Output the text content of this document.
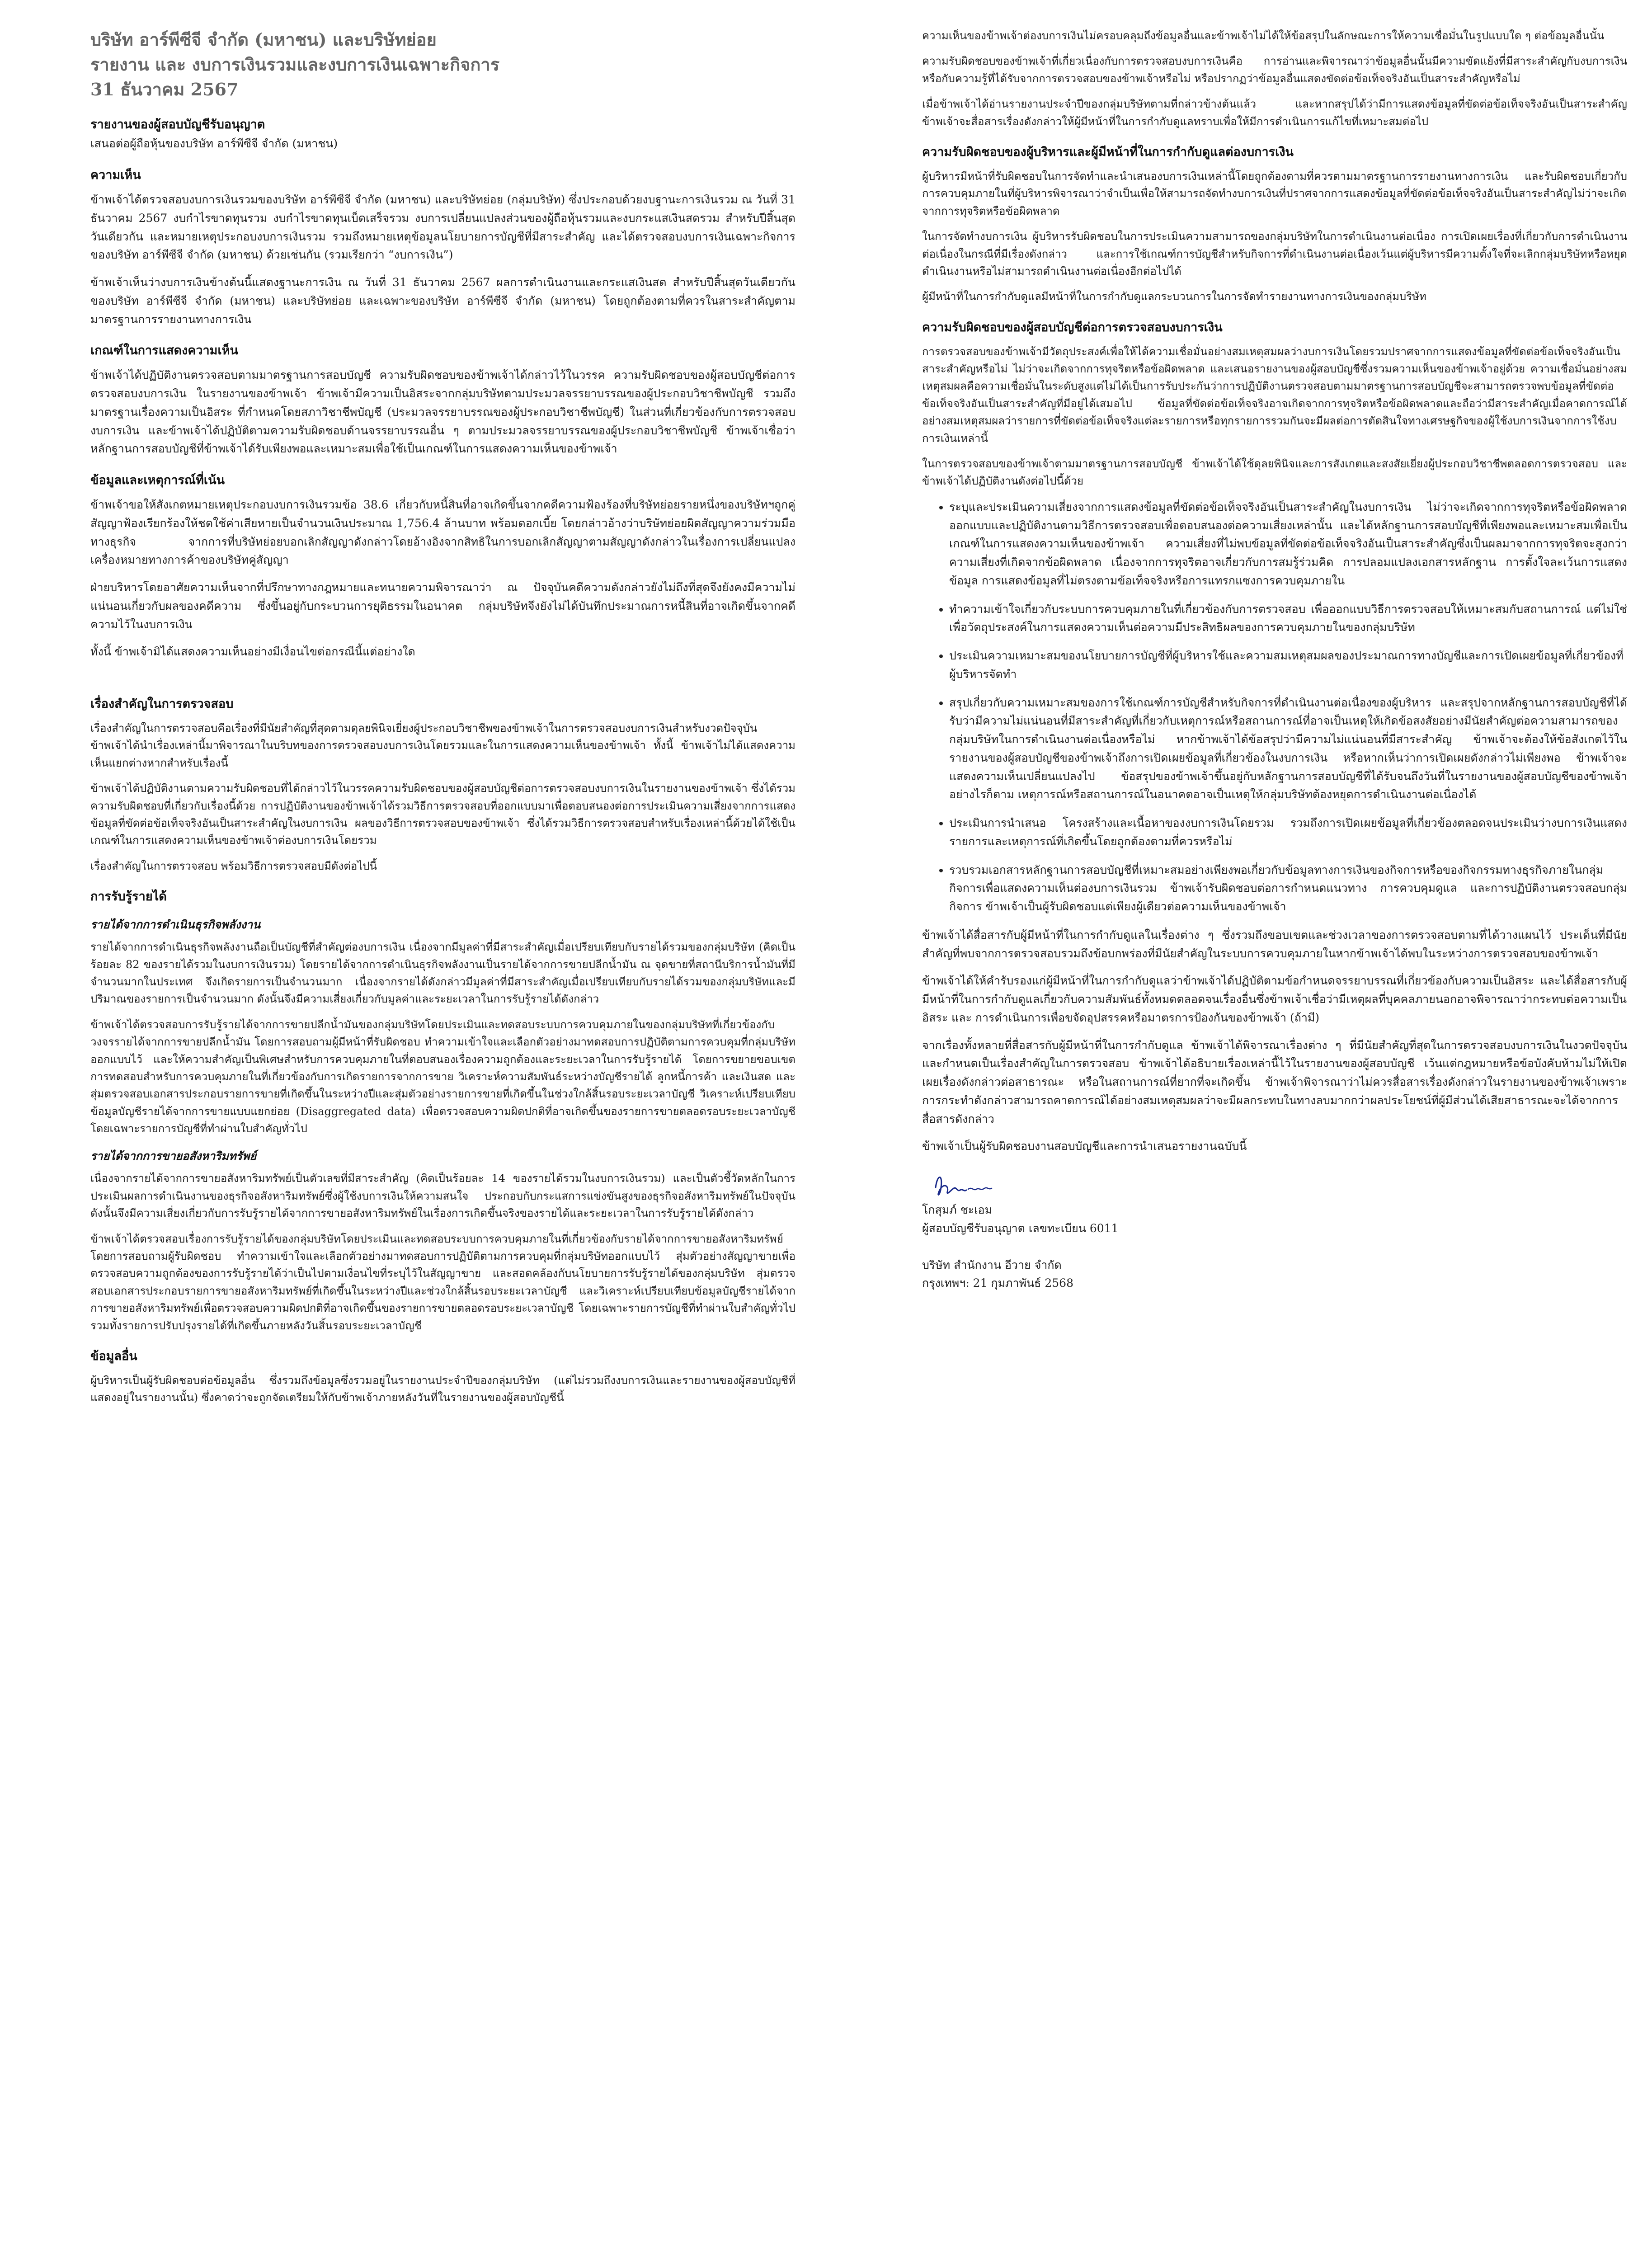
บริษัท อาร์พีซีจี จำกัด (มหาชน) และบริษัทย่อย

รายงาน และ งบการเงินรวมและงบการเงินเฉพาะกิจการ

31 ธันวาคม 2567

รายงานของผู้สอบบัญชีรับอนุญาต

เสนอต่อผู้ถือหุ้นของบริษัท อาร์พีซีจี จำกัด (มหาชน)

ความเห็น

ข้าพเจ้าได้ตรวจสอบงบการเงินรวมของบริษัท อาร์พีซีจี จำกัด (มหาชน) และบริษัทย่อย (กลุ่มบริษัท) ซึ่งประกอบด้วยงบฐานะการเงินรวม ณ วันที่ 31 ธันวาคม 2567 งบกำไรขาดทุนรวม งบกำไรขาดทุนเบ็ดเสร็จรวม งบการเปลี่ยนแปลงส่วนของผู้ถือหุ้นรวมและงบกระแสเงินสดรวม สำหรับปีสิ้นสุดวันเดียวกัน และหมายเหตุประกอบงบการเงินรวม รวมถึงหมายเหตุข้อมูลนโยบายการบัญชีที่มีสาระสำคัญ และได้ตรวจสอบงบการเงินเฉพาะกิจการของบริษัท อาร์พีซีจี จำกัด (มหาชน) ด้วยเช่นกัน (รวมเรียกว่า “งบการเงิน”)

ข้าพเจ้าเห็นว่างบการเงินข้างต้นนี้แสดงฐานะการเงิน ณ วันที่ 31 ธันวาคม 2567 ผลการดำเนินงานและกระแสเงินสด สำหรับปีสิ้นสุดวันเดียวกันของบริษัท อาร์พีซีจี จำกัด (มหาชน) และบริษัทย่อย และเฉพาะของบริษัท อาร์พีซีจี จำกัด (มหาชน) โดยถูกต้องตามที่ควรในสาระสำคัญตามมาตรฐานการรายงานทางการเงิน

เกณฑ์ในการแสดงความเห็น

ข้าพเจ้าได้ปฏิบัติงานตรวจสอบตามมาตรฐานการสอบบัญชี ความรับผิดชอบของข้าพเจ้าได้กล่าวไว้ในวรรค ความรับผิดชอบของผู้สอบบัญชีต่อการตรวจสอบงบการเงิน ในรายงานของข้าพเจ้า ข้าพเจ้ามีความเป็นอิสระจากกลุ่มบริษัทตามประมวลจรรยาบรรณของผู้ประกอบวิชาชีพบัญชี รวมถึงมาตรฐานเรื่องความเป็นอิสระ ที่กำหนดโดยสภาวิชาชีพบัญชี (ประมวลจรรยาบรรณของผู้ประกอบวิชาชีพบัญชี) ในส่วนที่เกี่ยวข้องกับการตรวจสอบงบการเงิน และข้าพเจ้าได้ปฏิบัติตามความรับผิดชอบด้านจรรยาบรรณอื่น ๆ ตามประมวลจรรยาบรรณของผู้ประกอบวิชาชีพบัญชี ข้าพเจ้าเชื่อว่าหลักฐานการสอบบัญชีที่ข้าพเจ้าได้รับเพียงพอและเหมาะสมเพื่อใช้เป็นเกณฑ์ในการแสดงความเห็นของข้าพเจ้า

ข้อมูลและเหตุการณ์ที่เน้น

ข้าพเจ้าขอให้สังเกตหมายเหตุประกอบงบการเงินรวมข้อ 38.6 เกี่ยวกับหนี้สินที่อาจเกิดขึ้นจากคดีความฟ้องร้องที่บริษัทย่อยรายหนึ่งของบริษัทฯถูกคู่สัญญาฟ้องเรียกร้องให้ชดใช้ค่าเสียหายเป็นจำนวนเงินประมาณ 1,756.4 ล้านบาท พร้อมดอกเบี้ย โดยกล่าวอ้างว่าบริษัทย่อยผิดสัญญาความร่วมมือทางธุรกิจ จากการที่บริษัทย่อยบอกเลิกสัญญาดังกล่าวโดยอ้างอิงจากสิทธิในการบอกเลิกสัญญาตามสัญญาดังกล่าวในเรื่องการเปลี่ยนแปลงเครื่องหมายทางการค้าของบริษัทคู่สัญญา

ฝ่ายบริหารโดยอาศัยความเห็นจากที่ปรึกษาทางกฎหมายและทนายความพิจารณาว่า ณ ปัจจุบันคดีความดังกล่าวยังไม่ถึงที่สุดจึงยังคงมีความไม่แน่นอนเกี่ยวกับผลของคดีความ ซึ่งขึ้นอยู่กับกระบวนการยุติธรรมในอนาคต กลุ่มบริษัทจึงยังไม่ได้บันทึกประมาณการหนี้สินที่อาจเกิดขึ้นจากคดีความไว้ในงบการเงิน

ทั้งนี้ ข้าพเจ้ามิได้แสดงความเห็นอย่างมีเงื่อนไขต่อกรณีนี้แต่อย่างใด

เรื่องสำคัญในการตรวจสอบ

เรื่องสำคัญในการตรวจสอบคือเรื่องที่มีนัยสำคัญที่สุดตามดุลยพินิจเยี่ยงผู้ประกอบวิชาชีพของข้าพเจ้าในการตรวจสอบงบการเงินสำหรับงวดปัจจุบัน ข้าพเจ้าได้นำเรื่องเหล่านี้มาพิจารณาในบริบทของการตรวจสอบงบการเงินโดยรวมและในการแสดงความเห็นของข้าพเจ้า ทั้งนี้ ข้าพเจ้าไม่ได้แสดงความเห็นแยกต่างหากสำหรับเรื่องนี้

ข้าพเจ้าได้ปฏิบัติงานตามความรับผิดชอบที่ได้กล่าวไว้ในวรรคความรับผิดชอบของผู้สอบบัญชีต่อการตรวจสอบงบการเงินในรายงานของข้าพเจ้า ซึ่งได้รวมความรับผิดชอบที่เกี่ยวกับเรื่องนี้ด้วย การปฏิบัติงานของข้าพเจ้าได้รวมวิธีการตรวจสอบที่ออกแบบมาเพื่อตอบสนองต่อการประเมินความเสี่ยงจากการแสดงข้อมูลที่ขัดต่อข้อเท็จจริงอันเป็นสาระสำคัญในงบการเงิน ผลของวิธีการตรวจสอบของข้าพเจ้า ซึ่งได้รวมวิธีการตรวจสอบสำหรับเรื่องเหล่านี้ด้วยได้ใช้เป็นเกณฑ์ในการแสดงความเห็นของข้าพเจ้าต่องบการเงินโดยรวม

เรื่องสำคัญในการตรวจสอบ พร้อมวิธีการตรวจสอบมีดังต่อไปนี้

การรับรู้รายได้
รายได้จากการดำเนินธุรกิจพลังงาน

รายได้จากการดำเนินธุรกิจพลังงานถือเป็นบัญชีที่สำคัญต่องบการเงิน เนื่องจากมีมูลค่าที่มีสาระสำคัญเมื่อเปรียบเทียบกับรายได้รวมของกลุ่มบริษัท (คิดเป็นร้อยละ 82 ของรายได้รวมในงบการเงินรวม) โดยรายได้จากการดำเนินธุรกิจพลังงานเป็นรายได้จากการขายปลีกน้ำมัน ณ จุดขายที่สถานีบริการน้ำมันที่มีจำนวนมากในประเทศ จึงเกิดรายการเป็นจำนวนมาก เนื่องจากรายได้ดังกล่าวมีมูลค่าที่มีสาระสำคัญเมื่อเปรียบเทียบกับรายได้รวมของกลุ่มบริษัทและมีปริมาณของรายการเป็นจำนวนมาก ดังนั้นจึงมีความเสี่ยงเกี่ยวกับมูลค่าและระยะเวลาในการรับรู้รายได้ดังกล่าว

ข้าพเจ้าได้ตรวจสอบการรับรู้รายได้จากการขายปลีกน้ำมันของกลุ่มบริษัทโดยประเมินและทดสอบระบบการควบคุมภายในของกลุ่มบริษัทที่เกี่ยวข้องกับวงจรรายได้จากการขายปลีกน้ำมัน โดยการสอบถามผู้มีหน้าที่รับผิดชอบ ทำความเข้าใจและเลือกตัวอย่างมาทดสอบการปฏิบัติตามการควบคุมที่กลุ่มบริษัทออกแบบไว้ และให้ความสำคัญเป็นพิเศษสำหรับการควบคุมภายในที่ตอบสนองเรื่องความถูกต้องและระยะเวลาในการรับรู้รายได้ โดยการขยายขอบเขตการทดสอบสำหรับการควบคุมภายในที่เกี่ยวข้องกับการเกิดรายการจากการขาย วิเคราะห์ความสัมพันธ์ระหว่างบัญชีรายได้ ลูกหนี้การค้า และเงินสด และสุ่มตรวจสอบเอกสารประกอบรายการขายที่เกิดขึ้นในระหว่างปีและสุ่มตัวอย่างรายการขายที่เกิดขึ้นในช่วงใกล้สิ้นรอบระยะเวลาบัญชี วิเคราะห์เปรียบเทียบข้อมูลบัญชีรายได้จากการขายแบบแยกย่อย (Disaggregated data) เพื่อตรวจสอบความผิดปกติที่อาจเกิดขึ้นของรายการขายตลอดรอบระยะเวลาบัญชี โดยเฉพาะรายการบัญชีที่ทำผ่านใบสำคัญทั่วไป

รายได้จากการขายอสังหาริมทรัพย์

เนื่องจากรายได้จากการขายอสังหาริมทรัพย์เป็นตัวเลขที่มีสาระสำคัญ (คิดเป็นร้อยละ 14 ของรายได้รวมในงบการเงินรวม) และเป็นตัวชี้วัดหลักในการประเมินผลการดำเนินงานของธุรกิจอสังหาริมทรัพย์ซึ่งผู้ใช้งบการเงินให้ความสนใจ ประกอบกับกระแสการแข่งขันสูงของธุรกิจอสังหาริมทรัพย์ในปัจจุบัน ดังนั้นจึงมีความเสี่ยงเกี่ยวกับการรับรู้รายได้จากการขายอสังหาริมทรัพย์ในเรื่องการเกิดขึ้นจริงของรายได้และระยะเวลาในการรับรู้รายได้ดังกล่าว

ข้าพเจ้าได้ตรวจสอบเรื่องการรับรู้รายได้ของกลุ่มบริษัทโดยประเมินและทดสอบระบบการควบคุมภายในที่เกี่ยวข้องกับรายได้จากการขายอสังหาริมทรัพย์ โดยการสอบถามผู้รับผิดชอบ ทำความเข้าใจและเลือกตัวอย่างมาทดสอบการปฏิบัติตามการควบคุมที่กลุ่มบริษัทออกแบบไว้ สุ่มตัวอย่างสัญญาขายเพื่อตรวจสอบความถูกต้องของการรับรู้รายได้ว่าเป็นไปตามเงื่อนไขที่ระบุไว้ในสัญญาขาย และสอดคล้องกับนโยบายการรับรู้รายได้ของกลุ่มบริษัท สุ่มตรวจสอบเอกสารประกอบรายการขายอสังหาริมทรัพย์ที่เกิดขึ้นในระหว่างปีและช่วงใกล้สิ้นรอบระยะเวลาบัญชี และวิเคราะห์เปรียบเทียบข้อมูลบัญชีรายได้จากการขายอสังหาริมทรัพย์เพื่อตรวจสอบความผิดปกติที่อาจเกิดขึ้นของรายการขายตลอดรอบระยะเวลาบัญชี โดยเฉพาะรายการบัญชีที่ทำผ่านใบสำคัญทั่วไป รวมทั้งรายการปรับปรุงรายได้ที่เกิดขึ้นภายหลังวันสิ้นรอบระยะเวลาบัญชี

ข้อมูลอื่น

ผู้บริหารเป็นผู้รับผิดชอบต่อข้อมูลอื่น ซึ่งรวมถึงข้อมูลซึ่งรวมอยู่ในรายงานประจำปีของกลุ่มบริษัท (แต่ไม่รวมถึงงบการเงินและรายงานของผู้สอบบัญชีที่แสดงอยู่ในรายงานนั้น) ซึ่งคาดว่าจะถูกจัดเตรียมให้กับข้าพเจ้าภายหลังวันที่ในรายงานของผู้สอบบัญชีนี้

ความเห็นของข้าพเจ้าต่องบการเงินไม่ครอบคลุมถึงข้อมูลอื่นและข้าพเจ้าไม่ได้ให้ข้อสรุปในลักษณะการให้ความเชื่อมั่นในรูปแบบใด ๆ ต่อข้อมูลอื่นนั้น

ความรับผิดชอบของข้าพเจ้าที่เกี่ยวเนื่องกับการตรวจสอบงบการเงินคือ การอ่านและพิจารณาว่าข้อมูลอื่นนั้นมีความขัดแย้งที่มีสาระสำคัญกับงบการเงินหรือกับความรู้ที่ได้รับจากการตรวจสอบของข้าพเจ้าหรือไม่ หรือปรากฏว่าข้อมูลอื่นแสดงขัดต่อข้อเท็จจริงอันเป็นสาระสำคัญหรือไม่

เมื่อข้าพเจ้าได้อ่านรายงานประจำปีของกลุ่มบริษัทตามที่กล่าวข้างต้นแล้ว และหากสรุปได้ว่ามีการแสดงข้อมูลที่ขัดต่อข้อเท็จจริงอันเป็นสาระสำคัญ ข้าพเจ้าจะสื่อสารเรื่องดังกล่าวให้ผู้มีหน้าที่ในการกำกับดูแลทราบเพื่อให้มีการดำเนินการแก้ไขที่เหมาะสมต่อไป

ความรับผิดชอบของผู้บริหารและผู้มีหน้าที่ในการกำกับดูแลต่องบการเงิน

ผู้บริหารมีหน้าที่รับผิดชอบในการจัดทำและนำเสนองบการเงินเหล่านี้โดยถูกต้องตามที่ควรตามมาตรฐานการรายงานทางการเงิน และรับผิดชอบเกี่ยวกับการควบคุมภายในที่ผู้บริหารพิจารณาว่าจำเป็นเพื่อให้สามารถจัดทำงบการเงินที่ปราศจากการแสดงข้อมูลที่ขัดต่อข้อเท็จจริงอันเป็นสาระสำคัญไม่ว่าจะเกิดจากการทุจริตหรือข้อผิดพลาด

ในการจัดทำงบการเงิน ผู้บริหารรับผิดชอบในการประเมินความสามารถของกลุ่มบริษัทในการดำเนินงานต่อเนื่อง การเปิดเผยเรื่องที่เกี่ยวกับการดำเนินงานต่อเนื่องในกรณีที่มีเรื่องดังกล่าว และการใช้เกณฑ์การบัญชีสำหรับกิจการที่ดำเนินงานต่อเนื่องเว้นแต่ผู้บริหารมีความตั้งใจที่จะเลิกกลุ่มบริษัทหรือหยุดดำเนินงานหรือไม่สามารถดำเนินงานต่อเนื่องอีกต่อไปได้

ผู้มีหน้าที่ในการกำกับดูแลมีหน้าที่ในการกำกับดูแลกระบวนการในการจัดทำรายงานทางการเงินของกลุ่มบริษัท

ความรับผิดชอบของผู้สอบบัญชีต่อการตรวจสอบงบการเงิน

การตรวจสอบของข้าพเจ้ามีวัตถุประสงค์เพื่อให้ได้ความเชื่อมั่นอย่างสมเหตุสมผลว่างบการเงินโดยรวมปราศจากการแสดงข้อมูลที่ขัดต่อข้อเท็จจริงอันเป็นสาระสำคัญหรือไม่ ไม่ว่าจะเกิดจากการทุจริตหรือข้อผิดพลาด และเสนอรายงานของผู้สอบบัญชีซึ่งรวมความเห็นของข้าพเจ้าอยู่ด้วย ความเชื่อมั่นอย่างสมเหตุสมผลคือความเชื่อมั่นในระดับสูงแต่ไม่ได้เป็นการรับประกันว่าการปฏิบัติงานตรวจสอบตามมาตรฐานการสอบบัญชีจะสามารถตรวจพบข้อมูลที่ขัดต่อข้อเท็จจริงอันเป็นสาระสำคัญที่มีอยู่ได้เสมอไป ข้อมูลที่ขัดต่อข้อเท็จจริงอาจเกิดจากการทุจริตหรือข้อผิดพลาดและถือว่ามีสาระสำคัญเมื่อคาดการณ์ได้อย่างสมเหตุสมผลว่ารายการที่ขัดต่อข้อเท็จจริงแต่ละรายการหรือทุกรายการรวมกันจะมีผลต่อการตัดสินใจทางเศรษฐกิจของผู้ใช้งบการเงินจากการใช้งบการเงินเหล่านี้

ในการตรวจสอบของข้าพเจ้าตามมาตรฐานการสอบบัญชี ข้าพเจ้าได้ใช้ดุลยพินิจและการสังเกตและสงสัยเยี่ยงผู้ประกอบวิชาชีพตลอดการตรวจสอบ และข้าพเจ้าได้ปฏิบัติงานดังต่อไปนี้ด้วย

• ระบุและประเมินความเสี่ยงจากการแสดงข้อมูลที่ขัดต่อข้อเท็จจริงอันเป็นสาระสำคัญในงบการเงิน ไม่ว่าจะเกิดจากการทุจริตหรือข้อผิดพลาด ออกแบบและปฏิบัติงานตามวิธีการตรวจสอบเพื่อตอบสนองต่อความเสี่ยงเหล่านั้น และได้หลักฐานการสอบบัญชีที่เพียงพอและเหมาะสมเพื่อเป็นเกณฑ์ในการแสดงความเห็นของข้าพเจ้า ความเสี่ยงที่ไม่พบข้อมูลที่ขัดต่อข้อเท็จจริงอันเป็นสาระสำคัญซึ่งเป็นผลมาจากการทุจริตจะสูงกว่าความเสี่ยงที่เกิดจากข้อผิดพลาด เนื่องจากการทุจริตอาจเกี่ยวกับการสมรู้ร่วมคิด การปลอมแปลงเอกสารหลักฐาน การตั้งใจละเว้นการแสดงข้อมูล การแสดงข้อมูลที่ไม่ตรงตามข้อเท็จจริงหรือการแทรกแซงการควบคุมภายใน
• ทำความเข้าใจเกี่ยวกับระบบการควบคุมภายในที่เกี่ยวข้องกับการตรวจสอบ เพื่อออกแบบวิธีการตรวจสอบให้เหมาะสมกับสถานการณ์ แต่ไม่ใช่เพื่อวัตถุประสงค์ในการแสดงความเห็นต่อความมีประสิทธิผลของการควบคุมภายในของกลุ่มบริษัท
• ประเมินความเหมาะสมของนโยบายการบัญชีที่ผู้บริหารใช้และความสมเหตุสมผลของประมาณการทางบัญชีและการเปิดเผยข้อมูลที่เกี่ยวข้องที่ผู้บริหารจัดทำ
• สรุปเกี่ยวกับความเหมาะสมของการใช้เกณฑ์การบัญชีสำหรับกิจการที่ดำเนินงานต่อเนื่องของผู้บริหาร และสรุปจากหลักฐานการสอบบัญชีที่ได้รับว่ามีความไม่แน่นอนที่มีสาระสำคัญที่เกี่ยวกับเหตุการณ์หรือสถานการณ์ที่อาจเป็นเหตุให้เกิดข้อสงสัยอย่างมีนัยสำคัญต่อความสามารถของกลุ่มบริษัทในการดำเนินงานต่อเนื่องหรือไม่ หากข้าพเจ้าได้ข้อสรุปว่ามีความไม่แน่นอนที่มีสาระสำคัญ ข้าพเจ้าจะต้องให้ข้อสังเกตไว้ในรายงานของผู้สอบบัญชีของข้าพเจ้าถึงการเปิดเผยข้อมูลที่เกี่ยวข้องในงบการเงิน หรือหากเห็นว่าการเปิดเผยดังกล่าวไม่เพียงพอ ข้าพเจ้าจะแสดงความเห็นเปลี่ยนแปลงไป ข้อสรุปของข้าพเจ้าขึ้นอยู่กับหลักฐานการสอบบัญชีที่ได้รับจนถึงวันที่ในรายงานของผู้สอบบัญชีของข้าพเจ้า อย่างไรก็ตาม เหตุการณ์หรือสถานการณ์ในอนาคตอาจเป็นเหตุให้กลุ่มบริษัทต้องหยุดการดำเนินงานต่อเนื่องได้
• ประเมินการนำเสนอ โครงสร้างและเนื้อหาของงบการเงินโดยรวม รวมถึงการเปิดเผยข้อมูลที่เกี่ยวข้องตลอดจนประเมินว่างบการเงินแสดงรายการและเหตุการณ์ที่เกิดขึ้นโดยถูกต้องตามที่ควรหรือไม่
• รวบรวมเอกสารหลักฐานการสอบบัญชีที่เหมาะสมอย่างเพียงพอเกี่ยวกับข้อมูลทางการเงินของกิจการหรือของกิจกรรมทางธุรกิจภายในกลุ่มกิจการเพื่อแสดงความเห็นต่องบการเงินรวม ข้าพเจ้ารับผิดชอบต่อการกำหนดแนวทาง การควบคุมดูแล และการปฏิบัติงานตรวจสอบกลุ่มกิจการ ข้าพเจ้าเป็นผู้รับผิดชอบแต่เพียงผู้เดียวต่อความเห็นของข้าพเจ้า

ข้าพเจ้าได้สื่อสารกับผู้มีหน้าที่ในการกำกับดูแลในเรื่องต่าง ๆ ซึ่งรวมถึงขอบเขตและช่วงเวลาของการตรวจสอบตามที่ได้วางแผนไว้ ประเด็นที่มีนัยสำคัญที่พบจากการตรวจสอบรวมถึงข้อบกพร่องที่มีนัยสำคัญในระบบการควบคุมภายในหากข้าพเจ้าได้พบในระหว่างการตรวจสอบของข้าพเจ้า

ข้าพเจ้าได้ให้คำรับรองแก่ผู้มีหน้าที่ในการกำกับดูแลว่าข้าพเจ้าได้ปฏิบัติตามข้อกำหนดจรรยาบรรณที่เกี่ยวข้องกับความเป็นอิสระ และได้สื่อสารกับผู้มีหน้าที่ในการกำกับดูแลเกี่ยวกับความสัมพันธ์ทั้งหมดตลอดจนเรื่องอื่นซึ่งข้าพเจ้าเชื่อว่ามีเหตุผลที่บุคคลภายนอกอาจพิจารณาว่ากระทบต่อความเป็นอิสระ และ การดำเนินการเพื่อขจัดอุปสรรคหรือมาตรการป้องกันของข้าพเจ้า (ถ้ามี)

จากเรื่องทั้งหลายที่สื่อสารกับผู้มีหน้าที่ในการกำกับดูแล ข้าพเจ้าได้พิจารณาเรื่องต่าง ๆ ที่มีนัยสำคัญที่สุดในการตรวจสอบงบการเงินในงวดปัจจุบันและกำหนดเป็นเรื่องสำคัญในการตรวจสอบ ข้าพเจ้าได้อธิบายเรื่องเหล่านี้ไว้ในรายงานของผู้สอบบัญชี เว้นแต่กฎหมายหรือข้อบังคับห้ามไม่ให้เปิดเผยเรื่องดังกล่าวต่อสาธารณะ หรือในสถานการณ์ที่ยากที่จะเกิดขึ้น ข้าพเจ้าพิจารณาว่าไม่ควรสื่อสารเรื่องดังกล่าวในรายงานของข้าพเจ้าเพราะการกระทำดังกล่าวสามารถคาดการณ์ได้อย่างสมเหตุสมผลว่าจะมีผลกระทบในทางลบมากกว่าผลประโยชน์ที่ผู้มีส่วนได้เสียสาธารณะจะได้จากการสื่อสารดังกล่าว

ข้าพเจ้าเป็นผู้รับผิดชอบงานสอบบัญชีและการนำเสนอรายงานฉบับนี้

โกสุมภ์ ชะเอม

ผู้สอบบัญชีรับอนุญาต เลขทะเบียน 6011

บริษัท สำนักงาน อีวาย จำกัด

กรุงเทพฯ: 21 กุมภาพันธ์ 2568
